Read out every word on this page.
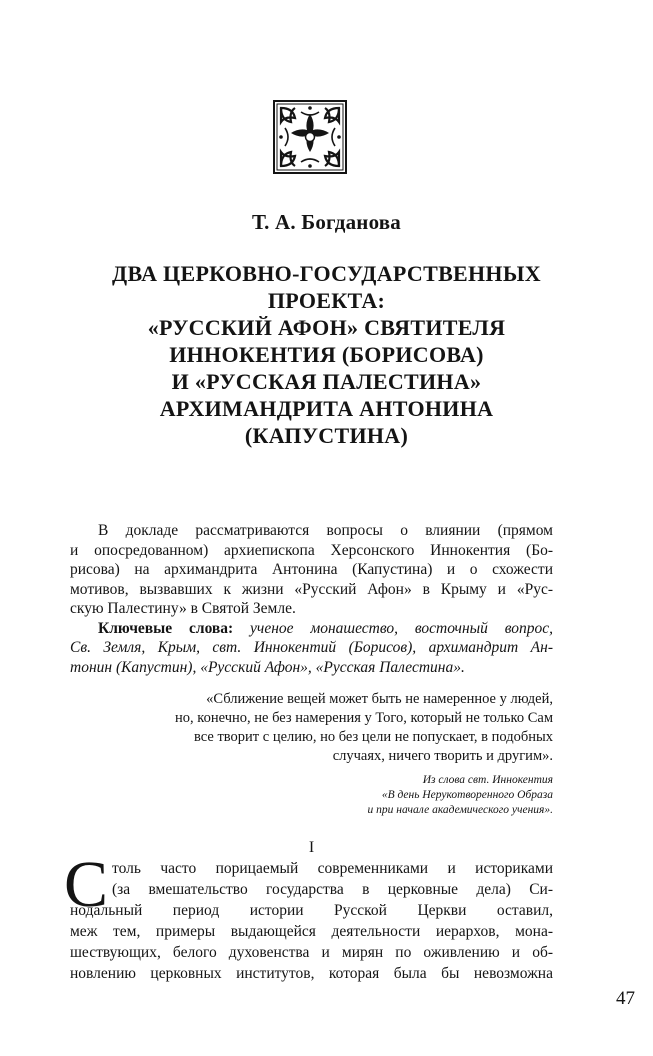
Т. А. Богданова
ДВА ЦЕРКОВНО-ГОСУДАРСТВЕННЫХ
ПРОЕКТА:
«РУССКИЙ АФОН» СВЯТИТЕЛЯ
ИННОКЕНТИЯ (БОРИСОВА)
И «РУССКАЯ ПАЛЕСТИНА»
АРХИМАНДРИТА АНТОНИНА
(КАПУСТИНА)
В докладе рассматриваются вопросы о влиянии (прямом
и опосредованном) архиепископа Херсонского Иннокентия (Бо-
рисова) на архимандрита Антонина (Капустина) и о схожести
мотивов, вызвавших к жизни «Русский Афон» в Крыму и «Рус-
скую Палестину» в Святой Земле.
Ключевые слова: ученое монашество, восточный вопрос,
Св. Земля, Крым, свт. Иннокентий (Борисов), архимандрит Ан-
тонин (Капустин), «Русский Афон», «Русская Палестина».
«Сближение вещей может быть не намеренное у людей,
но, конечно, не без намерения у Того, который не только Сам
все творит с целию, но без цели не попускает, в подобных
случаях, ничего творить и другим».
Из слова свт. Иннокентия
«В день Нерукотворенного Образа
и при начале академического учения».
I
С толь часто порицаемый современниками и историками
(за вмешательство государства в церковные дела) Си-
нодальный период истории Русской Церкви оставил,
меж тем, примеры выдающейся деятельности иерархов, мона-
шествующих, белого духовенства и мирян по оживлению и об-
новлению церковных институтов, которая была бы невозможна
47
